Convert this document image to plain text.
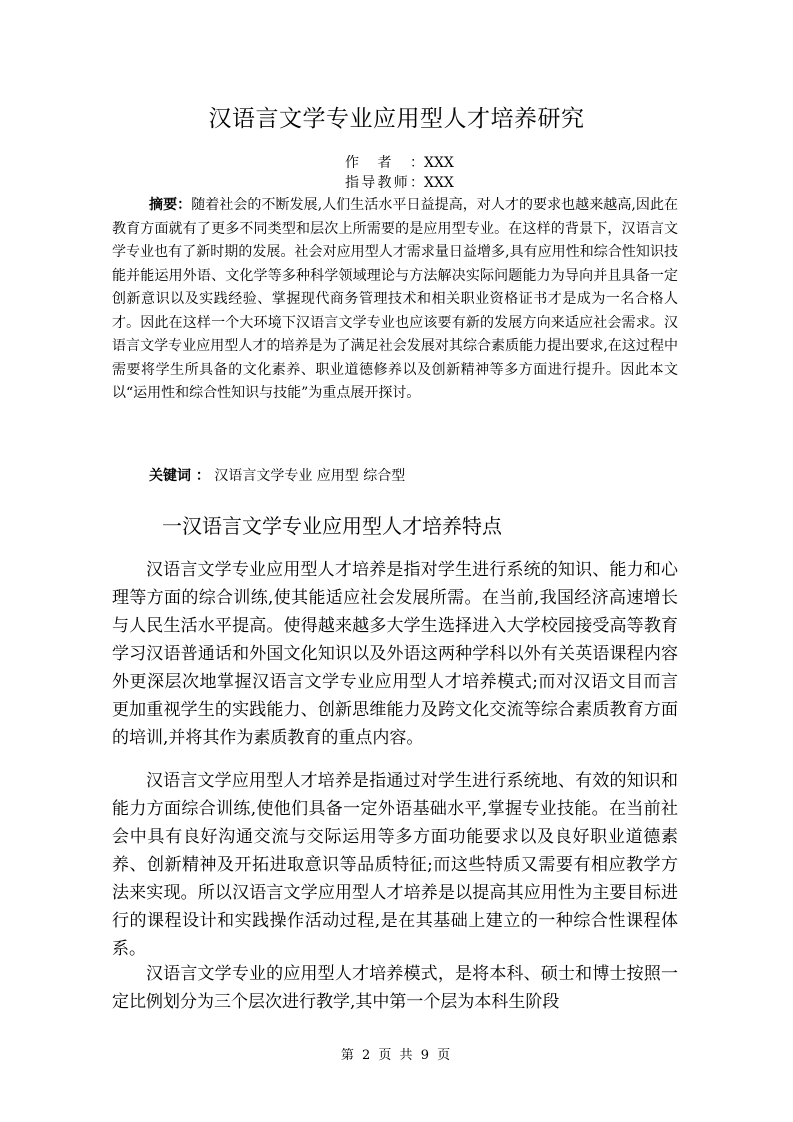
汉语言文学专业应用型人才培养研究
作者：XXX
指导教师：XXX

摘要：随着社会的不断发展,人们生活水平日益提高，对人才的要求也越来越高,因此在教育方面就有了更多不同类型和层次上所需要的是应用型专业。在这样的背景下，汉语言文学专业也有了新时期的发展。社会对应用型人才需求量日益增多,具有应用性和综合性知识技能并能运用外语、文化学等多种科学领域理论与方法解决实际问题能力为导向并且具备一定创新意识以及实践经验、掌握现代商务管理技术和相关职业资格证书才是成为一名合格人才。因此在这样一个大环境下汉语言文学专业也应该要有新的发展方向来适应社会需求。汉语言文学专业应用型人才的培养是为了满足社会发展对其综合素质能力提出要求,在这过程中需要将学生所具备的文化素养、职业道德修养以及创新精神等多方面进行提升。因此本文以“运用性和综合性知识与技能”为重点展开探讨。

关键词 ： 汉语言文学专业 应用型 综合型

一汉语言文学专业应用型人才培养特点

汉语言文学专业应用型人才培养是指对学生进行系统的知识、能力和心理等方面的综合训练,使其能适应社会发展所需。在当前,我国经济高速增长与人民生活水平提高。使得越来越多大学生选择进入大学校园接受高等教育学习汉语普通话和外国文化知识以及外语这两种学科以外有关英语课程内容外更深层次地掌握汉语言文学专业应用型人才培养模式;而对汉语文目而言更加重视学生的实践能力、创新思维能力及跨文化交流等综合素质教育方面的培训,并将其作为素质教育的重点内容。

汉语言文学应用型人才培养是指通过对学生进行系统地、有效的知识和能力方面综合训练,使他们具备一定外语基础水平,掌握专业技能。在当前社会中具有良好沟通交流与交际运用等多方面功能要求以及良好职业道德素养、创新精神及开拓进取意识等品质特征;而这些特质又需要有相应教学方法来实现。所以汉语言文学应用型人才培养是以提高其应用性为主要目标进行的课程设计和实践操作活动过程,是在其基础上建立的一种综合性课程体系。

汉语言文学专业的应用型人才培养模式，是将本科、硕士和博士按照一定比例划分为三个层次进行教学,其中第一个层为本科生阶段

第 2 页 共 9 页
